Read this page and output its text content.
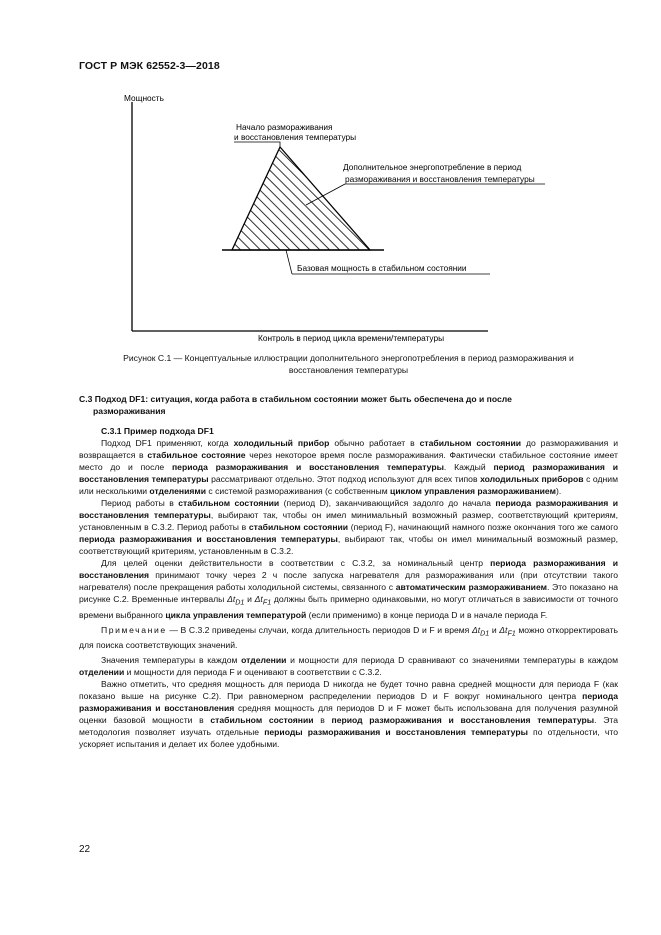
ГОСТ Р МЭК 62552-3—2018
Мощность
Контроль в период цикла времени/температуры
Начало размораживания
и восстановления температуры
Дополнительное энергопотребление в период
размораживания и восстановления температуры
Базовая мощность в стабильном состоянии
Рисунок С.1 — Концептуальные иллюстрации дополнительного энергопотребления в период размораживания и
восстановления температуры
С.3 Подход DF1: ситуация, когда работа в стабильном состоянии может быть обеспечена до и после
размораживания

С.3.1 Пример подхода DF1

Подход DF1 применяют, когда холодильный прибор обычно работает в стабильном состоянии до размораживания и возвращается в стабильное состояние через некоторое время после размораживания. Фактически стабильное состояние имеет место до и после периода размораживания и восстановления температуры. Каждый период размораживания и восстановления температуры рассматривают отдельно. Этот подход используют для всех типов холодильных приборов с одним или несколькими отделениями с системой размораживания (с собственным циклом управления размораживанием).

Период работы в стабильном состоянии (период D), заканчивающийся задолго до начала периода размораживания и восстановления температуры, выбирают так, чтобы он имел минимальный возможный размер, соответствующий критериям, установленным в С.3.2. Период работы в стабильном состоянии (период F), начинающий намного позже окончания того же самого периода размораживания и восстановления температуры, выбирают так, чтобы он имел минимальный возможный размер, соответствующий критериям, установленным в С.3.2.

Для целей оценки действительности в соответствии с С.3.2, за номинальный центр периода размораживания и восстановления принимают точку через 2 ч после запуска нагревателя для размораживания или (при отсутствии такого нагревателя) после прекращения работы холодильной системы, связанного с автоматическим размораживанием. Это показано на рисунке С.2. Временные интервалы $\Delta t_{D1}$ и $\Delta t_{F1}$ должны быть примерно одинаковыми, но могут отличаться в зависимости от точного времени выбранного цикла управления температурой (если применимо) в конце периода D и в начале периода F.

Примечание — В С.3.2 приведены случаи, когда длительность периодов D и F и время $\Delta t_{D1}$ и $\Delta t_{F1}$ можно откорректировать для поиска соответствующих значений.

Значения температуры в каждом отделении и мощности для периода D сравнивают со значениями температуры в каждом отделении и мощности для периода F и оценивают в соответствии с С.3.2.

Важно отметить, что средняя мощность для периода D никогда не будет точно равна средней мощности для периода F (как показано выше на рисунке С.2). При равномерном распределении периодов D и F вокруг номинального центра периода размораживания и восстановления средняя мощность для периодов D и F может быть использована для получения разумной оценки базовой мощности в стабильном состоянии в период размораживания и восстановления температуры. Эта методология позволяет изучать отдельные периоды размораживания и восстановления температуры по отдельности, что ускоряет испытания и делает их более удобными.

22
